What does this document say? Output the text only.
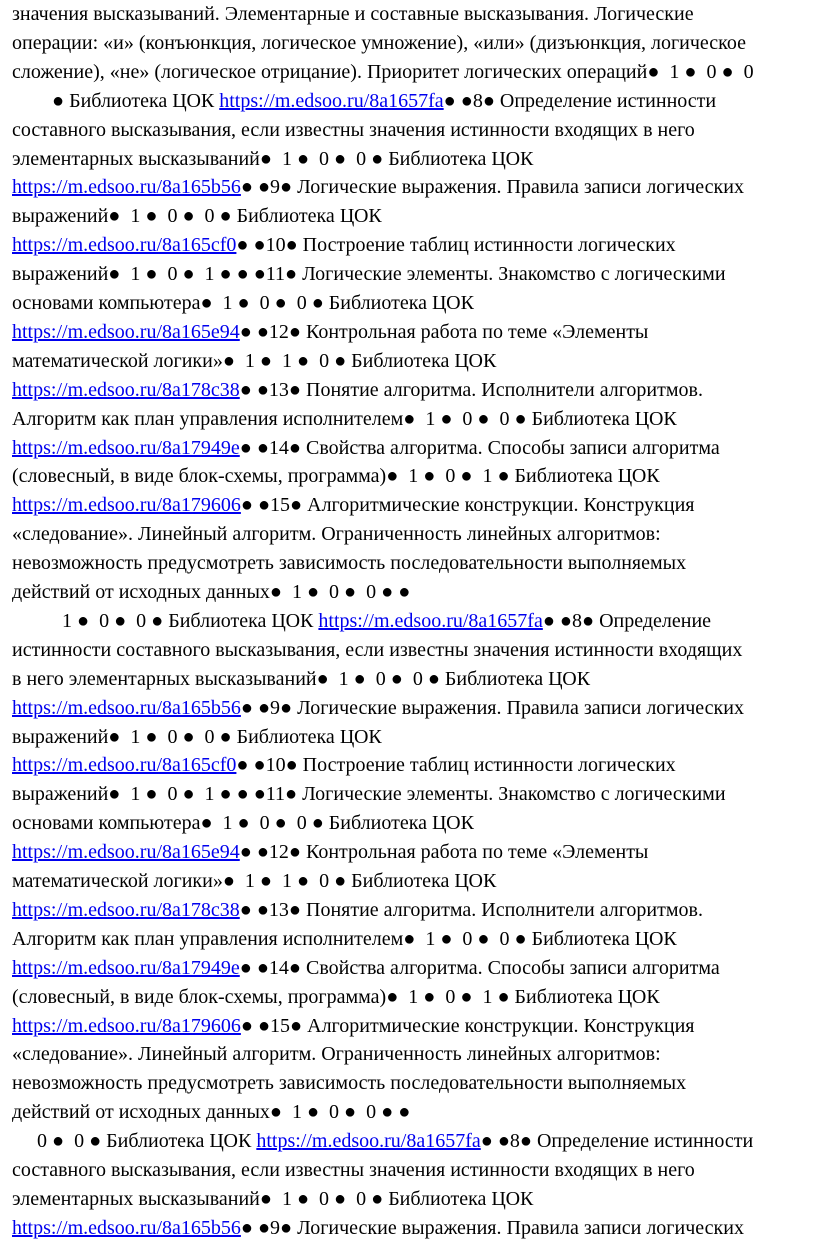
значения высказываний. Элементарные и составные высказывания. Логические
операции: «и» (конъюнкция, логическое умножение), «или» (дизъюнкция, логическое
сложение), «не» (логическое отрицание). Приоритет логических операций●  1 ●  0 ●  0
● Библиотека ЦОК https://m.edsoo.ru/8a1657fa● ●8● Определение истинности
составного высказывания, если известны значения истинности входящих в него
элементарных высказываний●  1 ●  0 ●  0 ● Библиотека ЦОК
https://m.edsoo.ru/8a165b56● ●9● Логические выражения. Правила записи логических
выражений●  1 ●  0 ●  0 ● Библиотека ЦОК
https://m.edsoo.ru/8a165cf0● ●10● Построение таблиц истинности логических
выражений●  1 ●  0 ●  1 ● ● ●11● Логические элементы. Знакомство с логическими
основами компьютера●  1 ●  0 ●  0 ● Библиотека ЦОК
https://m.edsoo.ru/8a165e94● ●12● Контрольная работа по теме «Элементы
математической логики»●  1 ●  1 ●  0 ● Библиотека ЦОК
https://m.edsoo.ru/8a178c38● ●13● Понятие алгоритма. Исполнители алгоритмов.
Алгоритм как план управления исполнителем●  1 ●  0 ●  0 ● Библиотека ЦОК
https://m.edsoo.ru/8a17949e● ●14● Свойства алгоритма. Способы записи алгоритма
(словесный, в виде блок-схемы, программа)●  1 ●  0 ●  1 ● Библиотека ЦОК
https://m.edsoo.ru/8a179606● ●15● Алгоритмические конструкции. Конструкция
«следование». Линейный алгоритм. Ограниченность линейных алгоритмов:
невозможность предусмотреть зависимость последовательности выполняемых
действий от исходных данных●  1 ●  0 ●  0 ● ●
1 ●  0 ●  0 ● Библиотека ЦОК https://m.edsoo.ru/8a1657fa● ●8● Определение
истинности составного высказывания, если известны значения истинности входящих
в него элементарных высказываний●  1 ●  0 ●  0 ● Библиотека ЦОК
https://m.edsoo.ru/8a165b56● ●9● Логические выражения. Правила записи логических
выражений●  1 ●  0 ●  0 ● Библиотека ЦОК
https://m.edsoo.ru/8a165cf0● ●10● Построение таблиц истинности логических
выражений●  1 ●  0 ●  1 ● ● ●11● Логические элементы. Знакомство с логическими
основами компьютера●  1 ●  0 ●  0 ● Библиотека ЦОК
https://m.edsoo.ru/8a165e94● ●12● Контрольная работа по теме «Элементы
математической логики»●  1 ●  1 ●  0 ● Библиотека ЦОК
https://m.edsoo.ru/8a178c38● ●13● Понятие алгоритма. Исполнители алгоритмов.
Алгоритм как план управления исполнителем●  1 ●  0 ●  0 ● Библиотека ЦОК
https://m.edsoo.ru/8a17949e● ●14● Свойства алгоритма. Способы записи алгоритма
(словесный, в виде блок-схемы, программа)●  1 ●  0 ●  1 ● Библиотека ЦОК
https://m.edsoo.ru/8a179606● ●15● Алгоритмические конструкции. Конструкция
«следование». Линейный алгоритм. Ограниченность линейных алгоритмов:
невозможность предусмотреть зависимость последовательности выполняемых
действий от исходных данных●  1 ●  0 ●  0 ● ●
0 ●  0 ● Библиотека ЦОК https://m.edsoo.ru/8a1657fa● ●8● Определение истинности
составного высказывания, если известны значения истинности входящих в него
элементарных высказываний●  1 ●  0 ●  0 ● Библиотека ЦОК
https://m.edsoo.ru/8a165b56● ●9● Логические выражения. Правила записи логических
